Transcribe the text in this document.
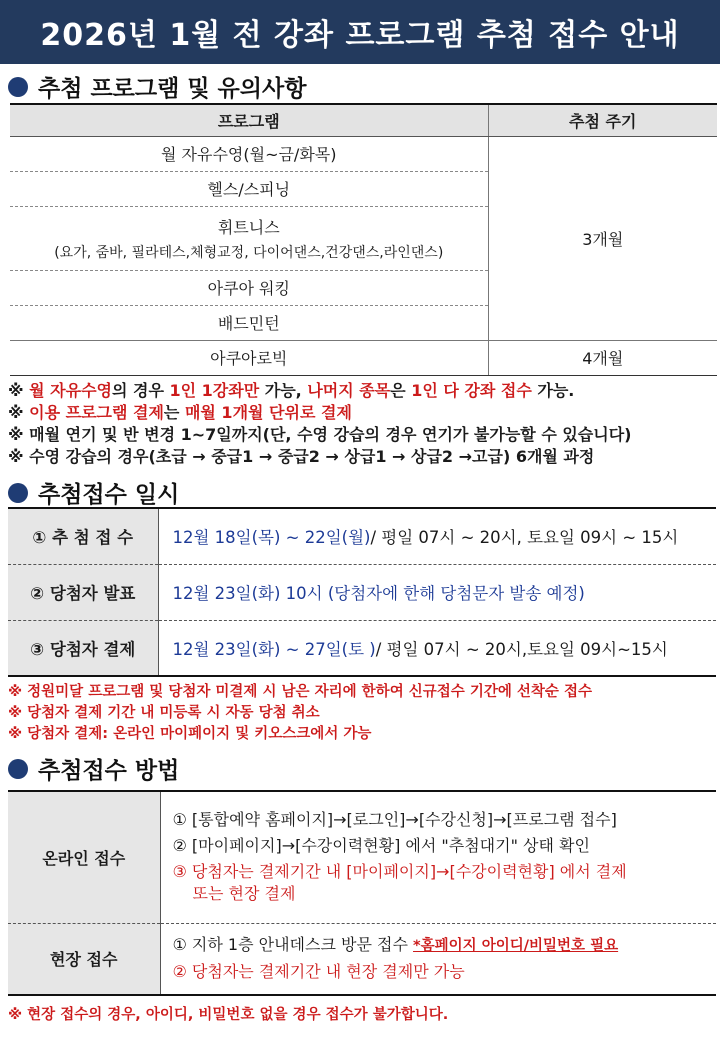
2026년 1월 전 강좌 프로그램 추첨 접수 안내
추첨 프로그램 및 유의사항
프로그램	추첨 주기
월 자유수영(월~금/화목)	3개월
헬스/스피닝	
휘트니스
(요가, 줌바, 필라테스,체형교정, 다이어댄스,건강댄스,라인댄스)	

아쿠아 워킹	
배드민턴	
아쿠아로빅	4개월
※ 월 자유수영의 경우 1인 1강좌만 가능, 나머지 종목은 1인 다 강좌 접수 가능.
※ 이용 프로그램 결제는 매월 1개월 단위로 결제
※ 매월 연기 및 반 변경 1~7일까지(단, 수영 강습의 경우 연기가 불가능할 수 있습니다)
※ 수영 강습의 경우(초급 → 중급1 → 중급2 → 상급1 → 상급2 →고급) 6개월 과정
추첨접수 일시
① 추 첨 접 수	12월 18일(목) ~ 22일(월)/ 평일 07시 ~ 20시, 토요일 09시 ~ 15시
② 당첨자 발표	12월 23일(화) 10시 (당첨자에 한해 당첨문자 발송 예정)
③ 당첨자 결제	12월 23일(화) ~ 27일(토 )/ 평일 07시 ~ 20시,토요일 09시~15시
※ 정원미달 프로그램 및 당첨자 미결제 시 남은 자리에 한하여 신규접수 기간에 선착순 접수
※ 당첨자 결제 기간 내 미등록 시 자동 당첨 취소
※ 당첨자 결제: 온라인 마이페이지 및 키오스크에서 가능
추첨접수 방법
온라인 접수	① [통합예약 홈페이지]→[로그인]→[수강신청]→[프로그램 접수]
② [마이페이지]→[수강이력현황] 에서 "추첨대기" 상태 확인
③ 당첨자는 결제기간 내 [마이페이지]→[수강이력현황] 에서 결제
또는 현장 결제

현장 접수	① 지하 1층 안내데스크 방문 접수 *홈페이지 아이디/비밀번호 필요
② 당첨자는 결제기간 내 현장 결제만 가능
※ 현장 접수의 경우, 아이디, 비밀번호 없을 경우 접수가 불가합니다.
